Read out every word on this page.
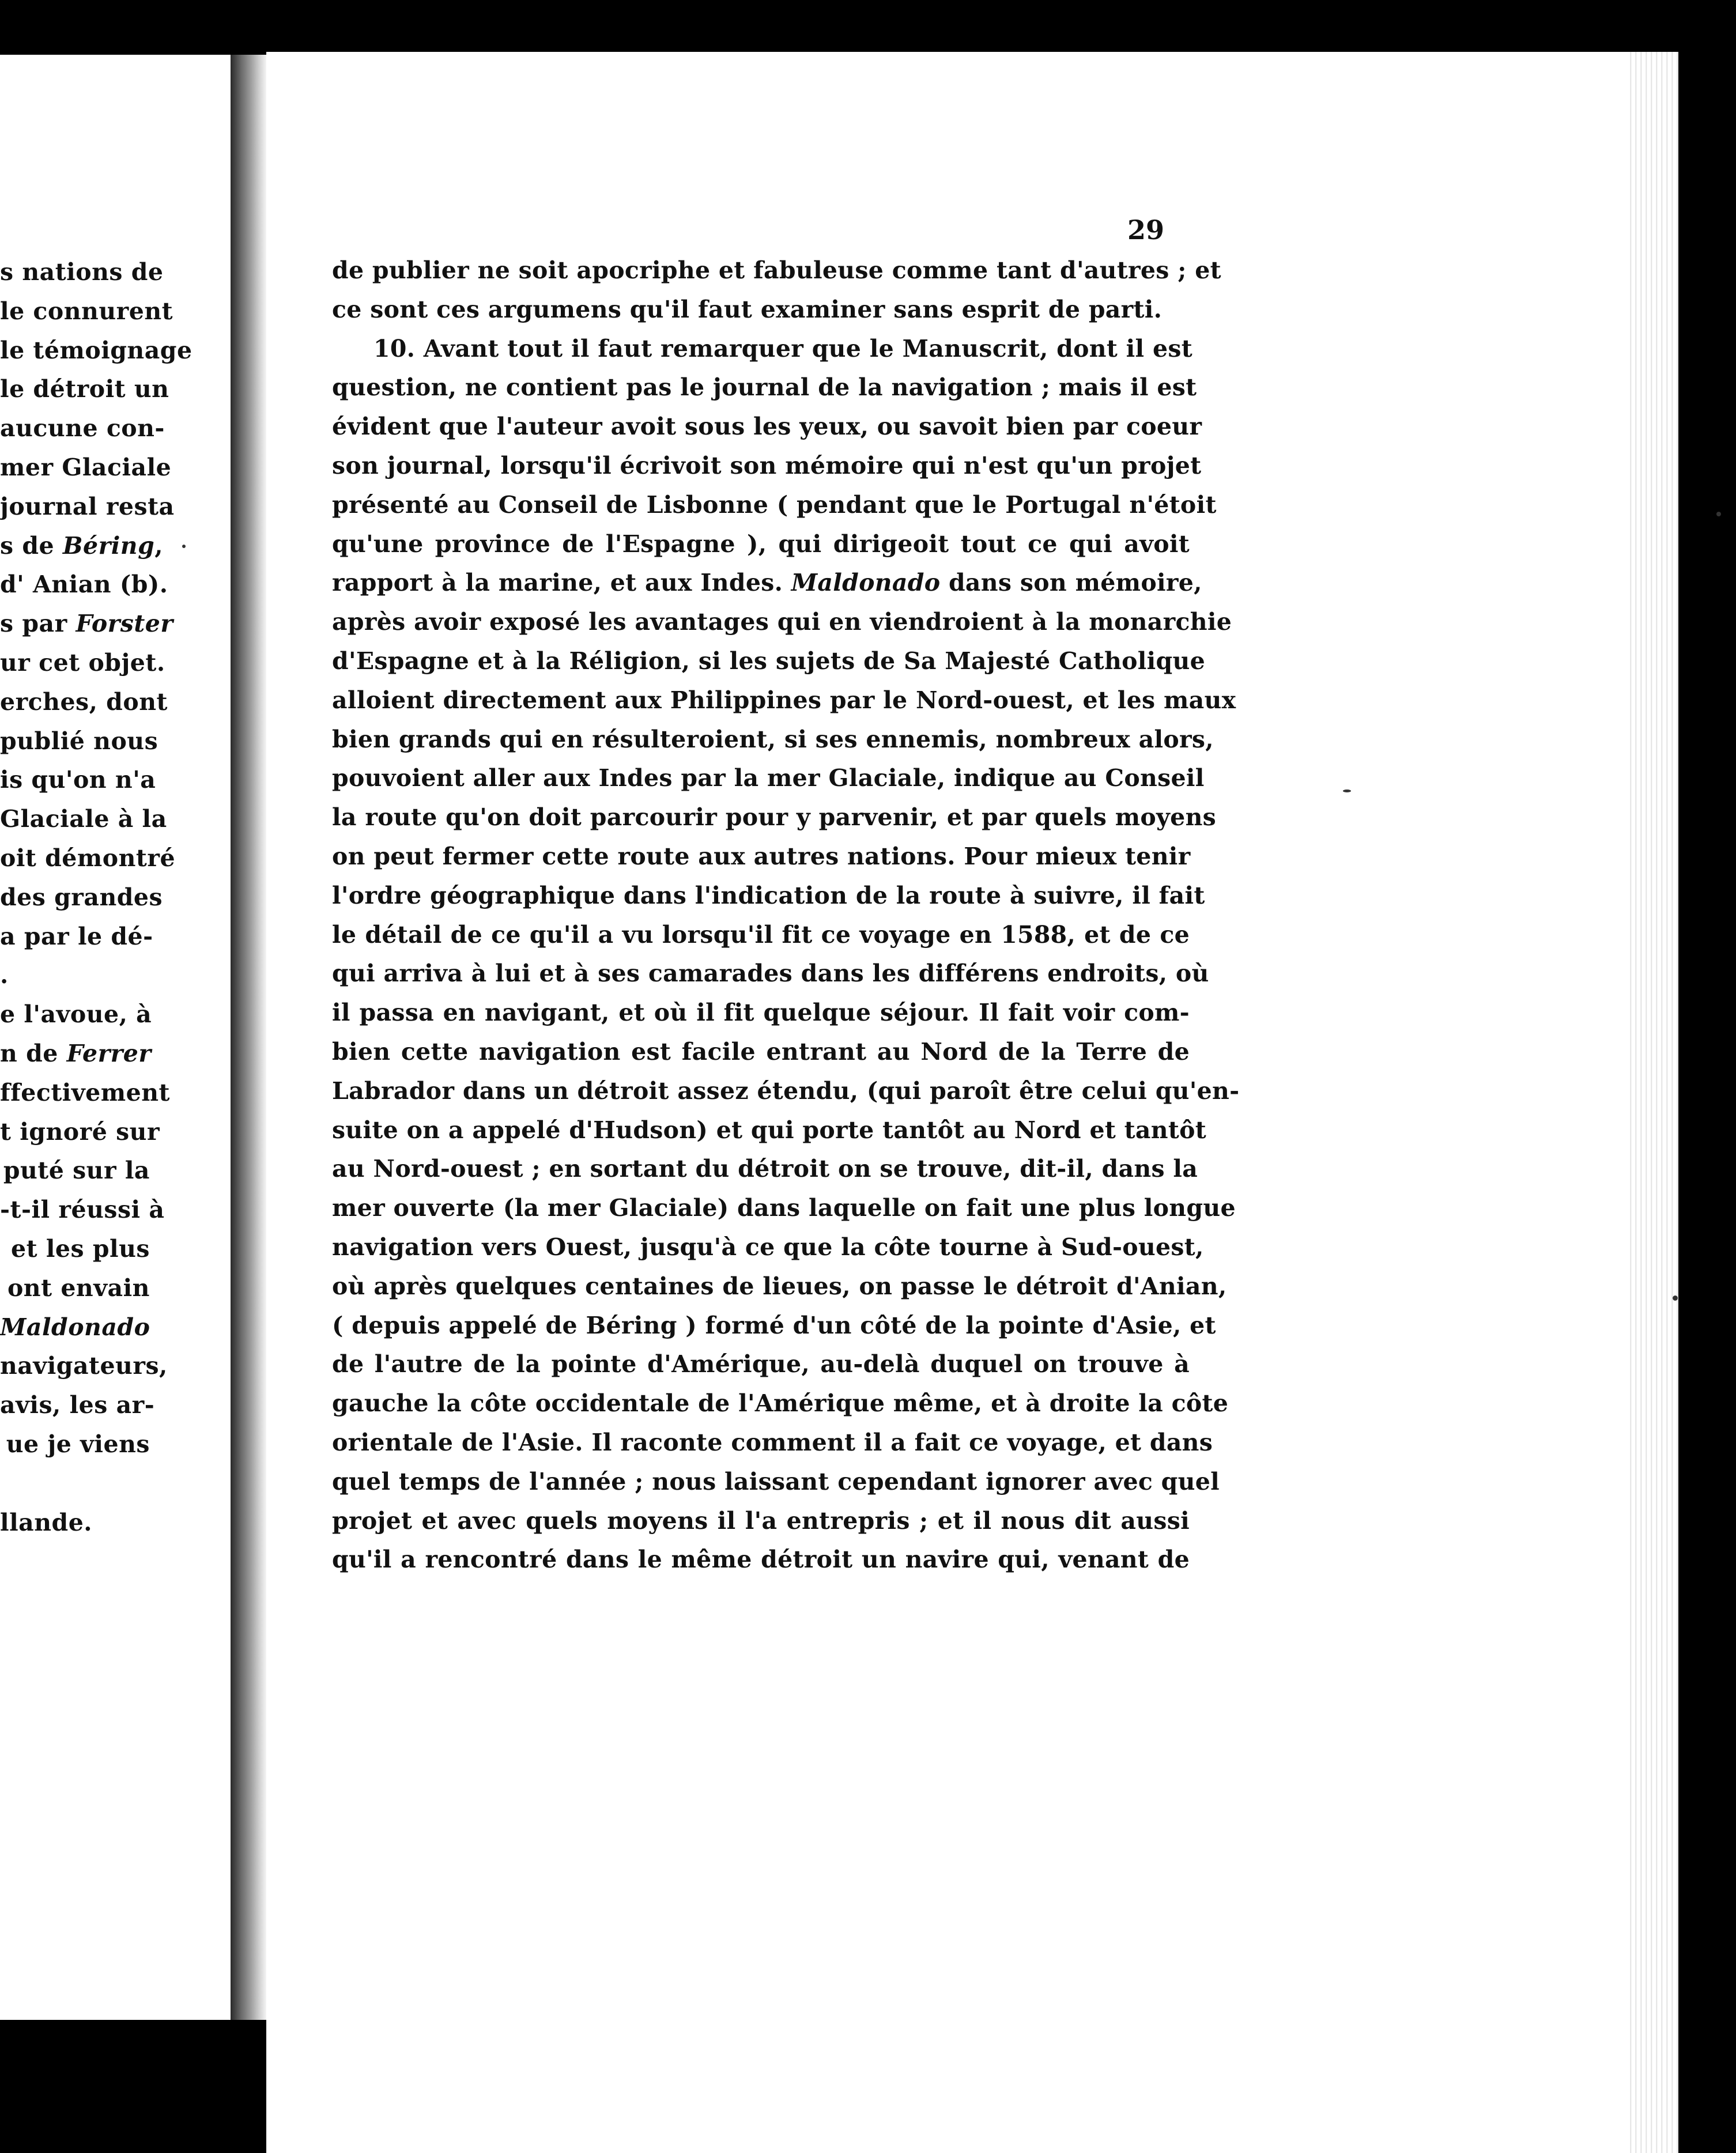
s nations de
le connurent
le témoignage
le détroit un
aucune con-
mer Glaciale
journal resta
s de Béring,
d' Anian (b).
s par Forster
ur cet objet.
erches, dont
publié nous
is qu'on n'a
Glaciale à la
oit démontré
des grandes
a par le dé-
.
e l'avoue, à
n de Ferrer
ffectivement
t ignoré sur
puté sur la
-t-il réussi à
et les plus
ont envain
Maldonado
navigateurs,
avis, les ar-
ue je viens
llande.
29
de publier ne soit apocriphe et fabuleuse comme tant d'autres ; et
ce sont ces argumens qu'il faut examiner sans esprit de parti.
10. Avant tout il faut remarquer que le Manuscrit, dont il est
question, ne contient pas le journal de la navigation ; mais il est
évident que l'auteur avoit sous les yeux, ou savoit bien par coeur
son journal, lorsqu'il écrivoit son mémoire qui n'est qu'un projet
présenté au Conseil de Lisbonne ( pendant que le Portugal n'étoit
qu'une province de l'Espagne ), qui dirigeoit tout ce qui avoit
rapport à la marine, et aux Indes. Maldonado dans son mémoire,
après avoir exposé les avantages qui en viendroient à la monarchie
d'Espagne et à la Réligion, si les sujets de Sa Majesté Catholique
alloient directement aux Philippines par le Nord-ouest, et les maux
bien grands qui en résulteroient, si ses ennemis, nombreux alors,
pouvoient aller aux Indes par la mer Glaciale, indique au Conseil
la route qu'on doit parcourir pour y parvenir, et par quels moyens
on peut fermer cette route aux autres nations. Pour mieux tenir
l'ordre géographique dans l'indication de la route à suivre, il fait
le détail de ce qu'il a vu lorsqu'il fit ce voyage en 1588, et de ce
qui arriva à lui et à ses camarades dans les différens endroits, où
il passa en navigant, et où il fit quelque séjour. Il fait voir com-
bien cette navigation est facile entrant au Nord de la Terre de
Labrador dans un détroit assez étendu, (qui paroît être celui qu'en-
suite on a appelé d'Hudson) et qui porte tantôt au Nord et tantôt
au Nord-ouest ; en sortant du détroit on se trouve, dit-il, dans la
mer ouverte (la mer Glaciale) dans laquelle on fait une plus longue
navigation vers Ouest, jusqu'à ce que la côte tourne à Sud-ouest,
où après quelques centaines de lieues, on passe le détroit d'Anian,
( depuis appelé de Béring ) formé d'un côté de la pointe d'Asie, et
de l'autre de la pointe d'Amérique, au-delà duquel on trouve à
gauche la côte occidentale de l'Amérique même, et à droite la côte
orientale de l'Asie. Il raconte comment il a fait ce voyage, et dans
quel temps de l'année ; nous laissant cependant ignorer avec quel
projet et avec quels moyens il l'a entrepris ; et il nous dit aussi
qu'il a rencontré dans le même détroit un navire qui, venant de
